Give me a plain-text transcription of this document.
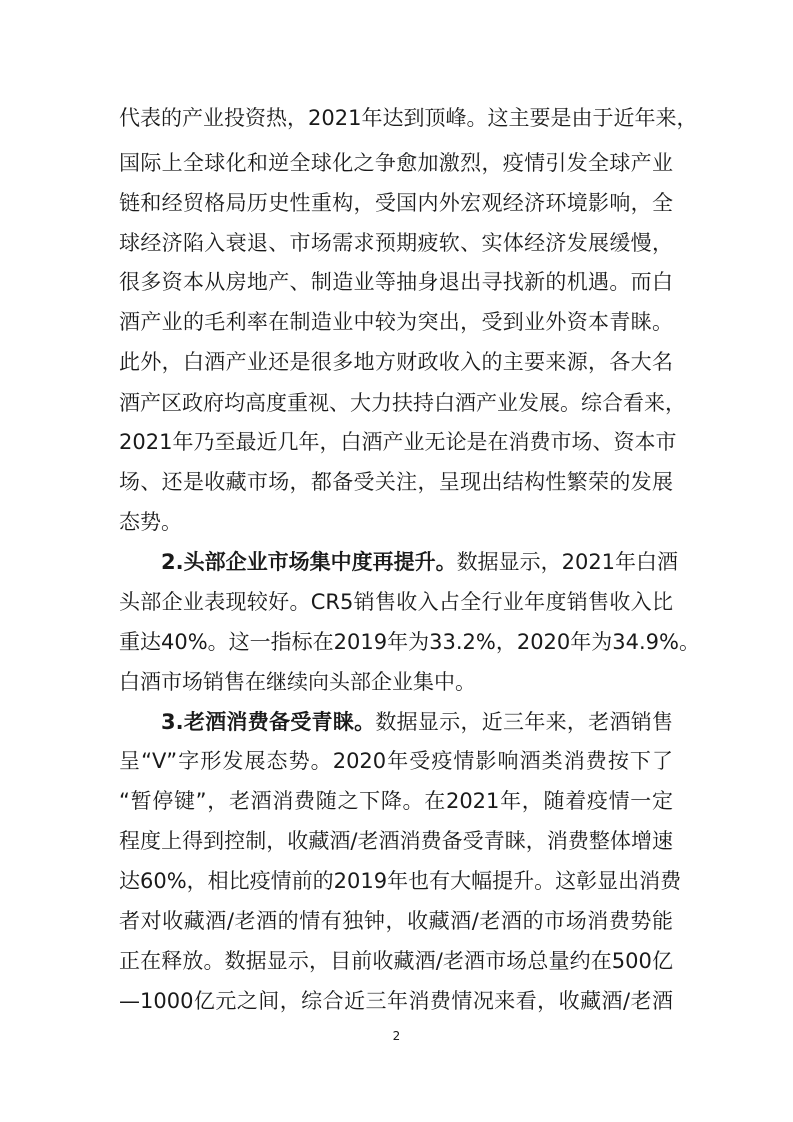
代表的产业投资热，2021年达到顶峰。这主要是由于近年来，
国际上全球化和逆全球化之争愈加激烈，疫情引发全球产业
链和经贸格局历史性重构，受国内外宏观经济环境影响，全
球经济陷入衰退、市场需求预期疲软、实体经济发展缓慢，
很多资本从房地产、制造业等抽身退出寻找新的机遇。而白
酒产业的毛利率在制造业中较为突出，受到业外资本青睐。
此外，白酒产业还是很多地方财政收入的主要来源，各大名
酒产区政府均高度重视、大力扶持白酒产业发展。综合看来，
2021年乃至最近几年，白酒产业无论是在消费市场、资本市
场、还是收藏市场，都备受关注，呈现出结构性繁荣的发展
态势。
2.头部企业市场集中度再提升。数据显示，2021年白酒
头部企业表现较好。CR5销售收入占全行业年度销售收入比
重达40%。这一指标在2019年为33.2%，2020年为34.9%。
白酒市场销售在继续向头部企业集中。
3.老酒消费备受青睐。数据显示，近三年来，老酒销售
呈“V”字形发展态势。2020年受疫情影响酒类消费按下了
“暂停键”，老酒消费随之下降。在2021年，随着疫情一定
程度上得到控制，收藏酒/老酒消费备受青睐，消费整体增速
达60%，相比疫情前的2019年也有大幅提升。这彰显出消费
者对收藏酒/老酒的情有独钟，收藏酒/老酒的市场消费势能
正在释放。数据显示，目前收藏酒/老酒市场总量约在500亿
—1000亿元之间，综合近三年消费情况来看，收藏酒/老酒
2
